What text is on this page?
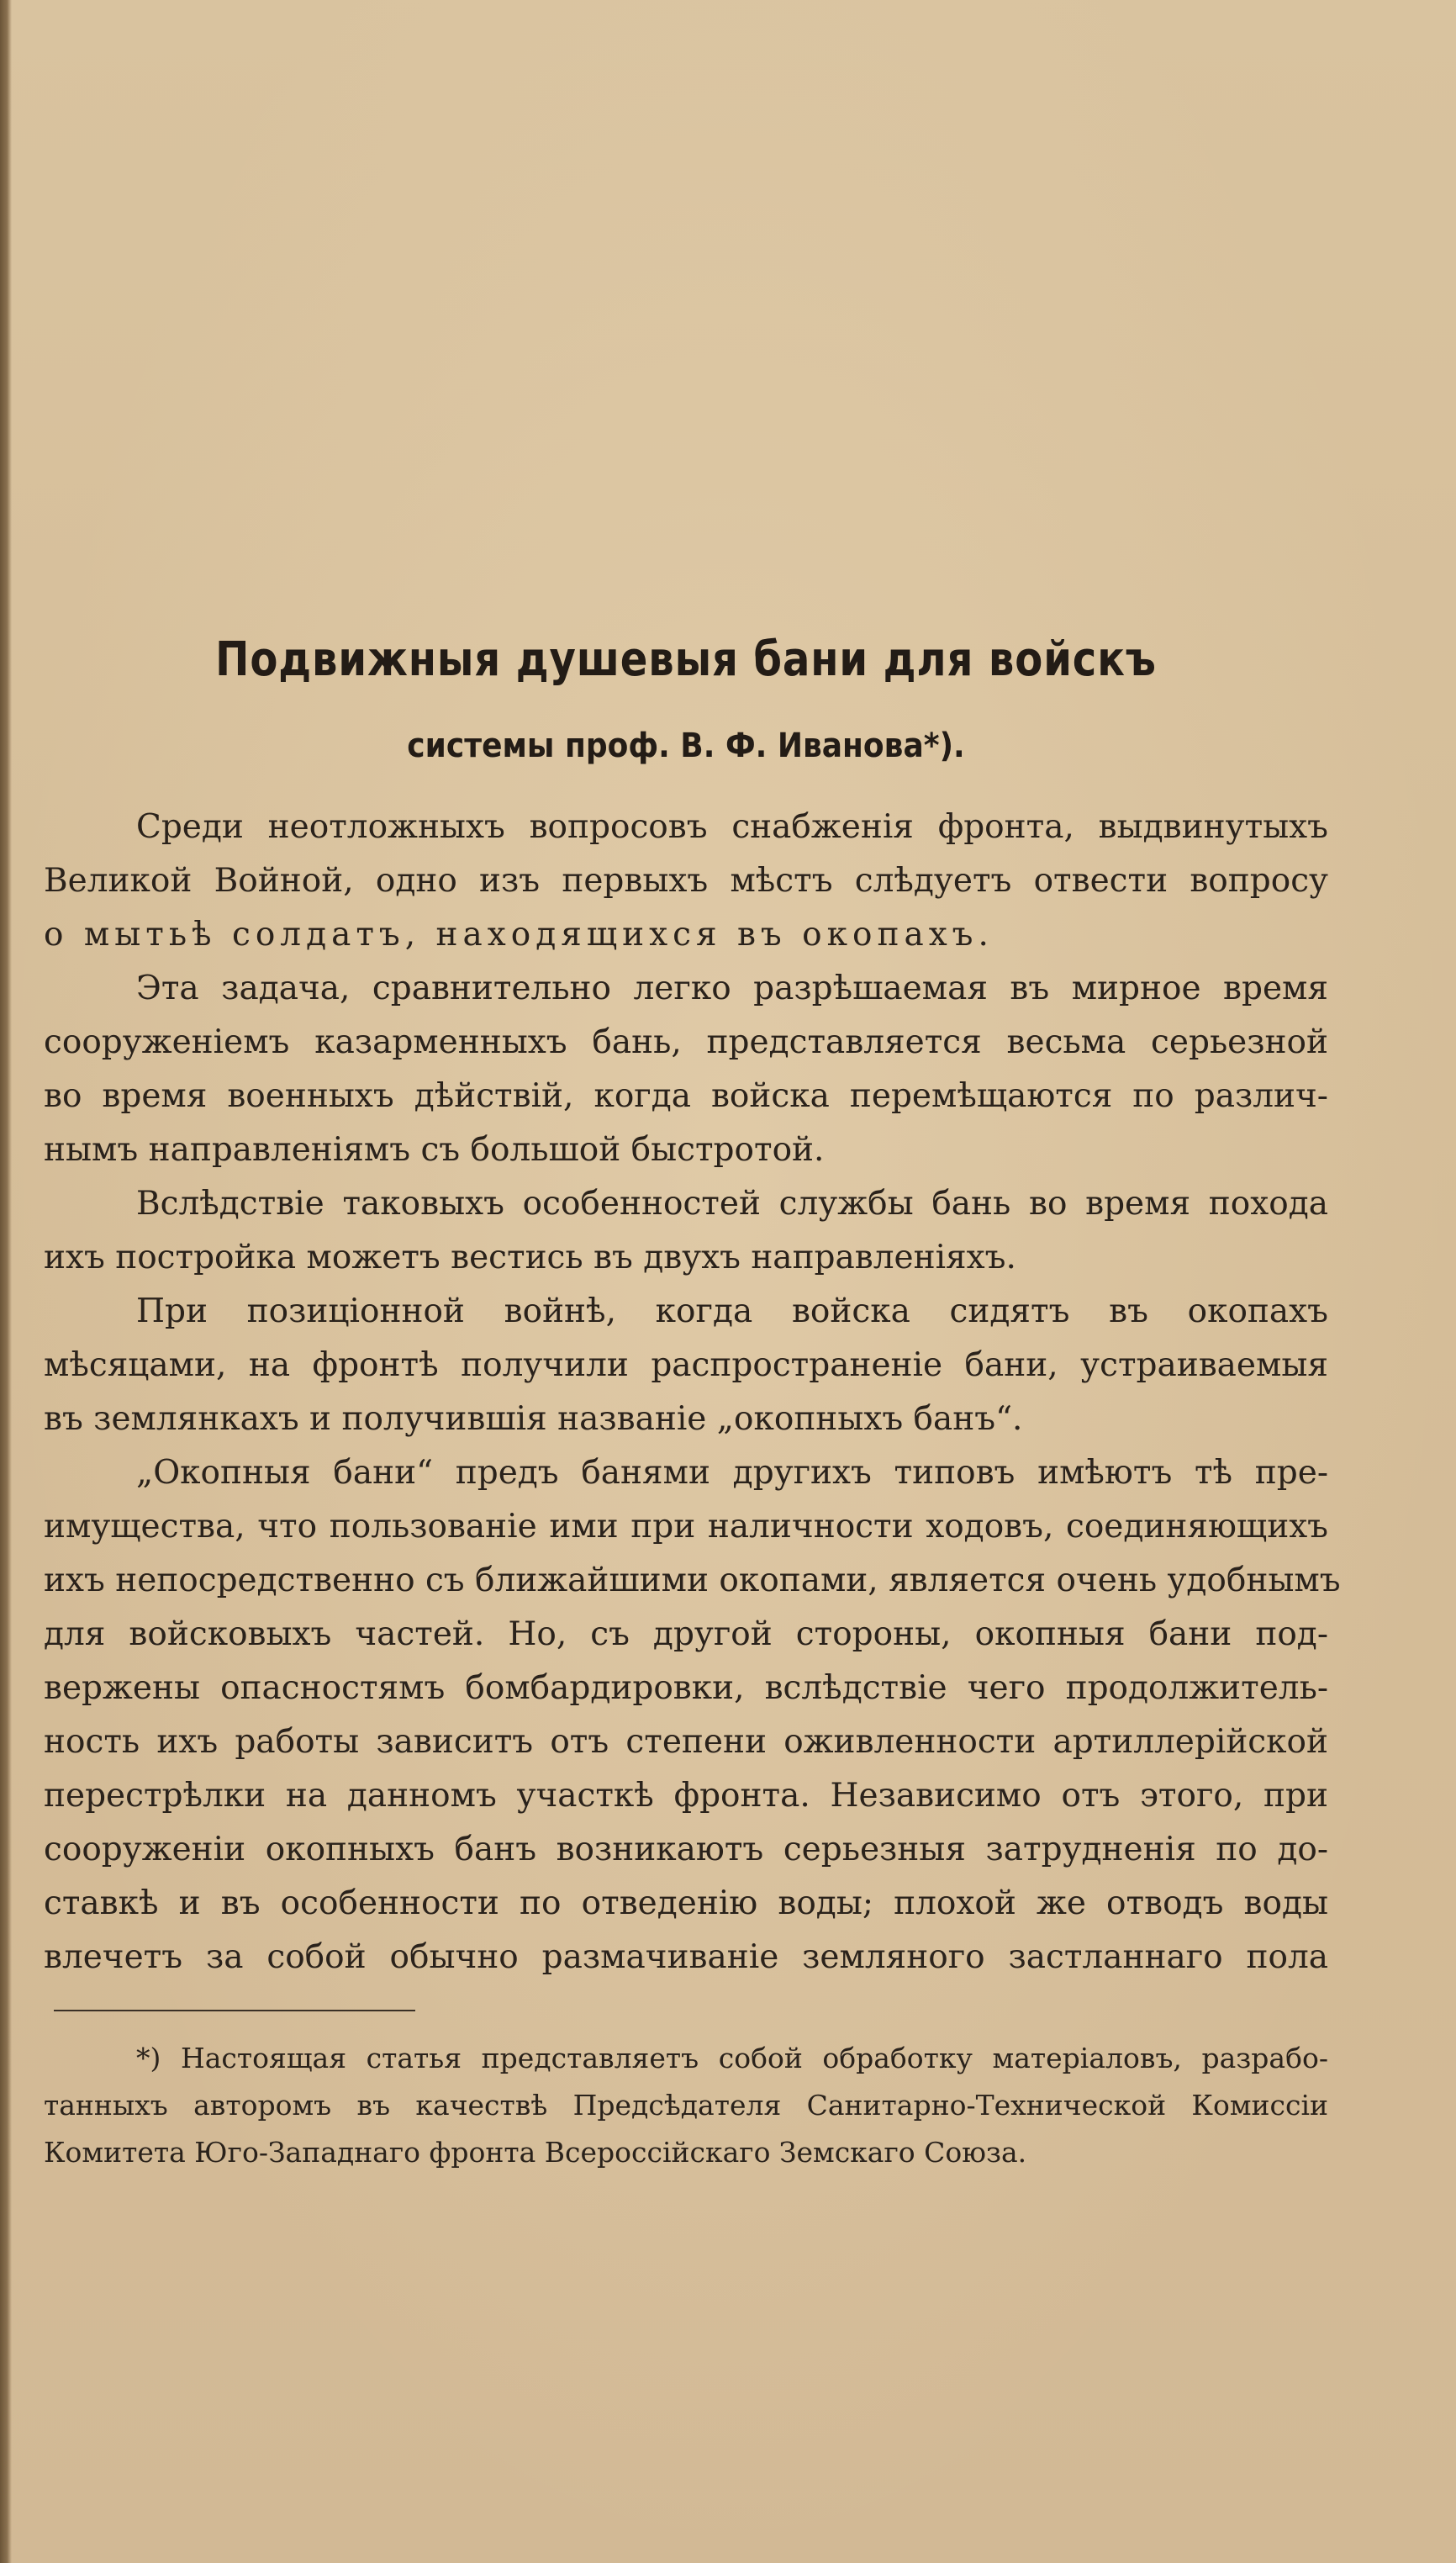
Подвижныя душевыя бани для войскъ
системы проф. В. Ф. Иванова*).
Среди неотложныхъ вопросовъ снабженія фронта, выдвинутыхъ
Великой Войной, одно изъ первыхъ мѣстъ слѣдуетъ отвести вопросу
о мытьѣ солдатъ, находящихся въ окопахъ.
Эта задача, сравнительно легко разрѣшаемая въ мирное время
сооруженіемъ казарменныхъ бань, представляется весьма серьезной
во время военныхъ дѣйствій, когда войска перемѣщаются по различ-
нымъ направленіямъ съ большой быстротой.
Вслѣдствіе таковыхъ особенностей службы бань во время похода
ихъ постройка можетъ вестись въ двухъ направленіяхъ.
При позиціонной войнѣ, когда войска сидятъ въ окопахъ
мѣсяцами, на фронтѣ получили распространеніе бани, устраиваемыя
въ землянкахъ и получившія названіе „окопныхъ банъ“.
„Окопныя бани“ предъ банями другихъ типовъ имѣютъ тѣ пре-
имущества, что пользованіе ими при наличности ходовъ, соединяющихъ
ихъ непосредственно съ ближайшими окопами, является очень удобнымъ
для войсковыхъ частей. Но, съ другой стороны, окопныя бани под-
вержены опасностямъ бомбардировки, вслѣдствіе чего продолжитель-
ность ихъ работы зависитъ отъ степени оживленности артиллерійской
перестрѣлки на данномъ участкѣ фронта. Независимо отъ этого, при
сооруженіи окопныхъ банъ возникаютъ серьезныя затрудненія по до-
ставкѣ и въ особенности по отведенію воды; плохой же отводъ воды
влечетъ за собой обычно размачиваніе земляного застланнаго пола
*) Настоящая статья представляетъ собой обработку матеріаловъ, разрабо-
танныхъ авторомъ въ качествѣ Предсѣдателя Санитарно-Технической Комиссіи
Комитета Юго-Западнаго фронта Всероссійскаго Земскаго Союза.
